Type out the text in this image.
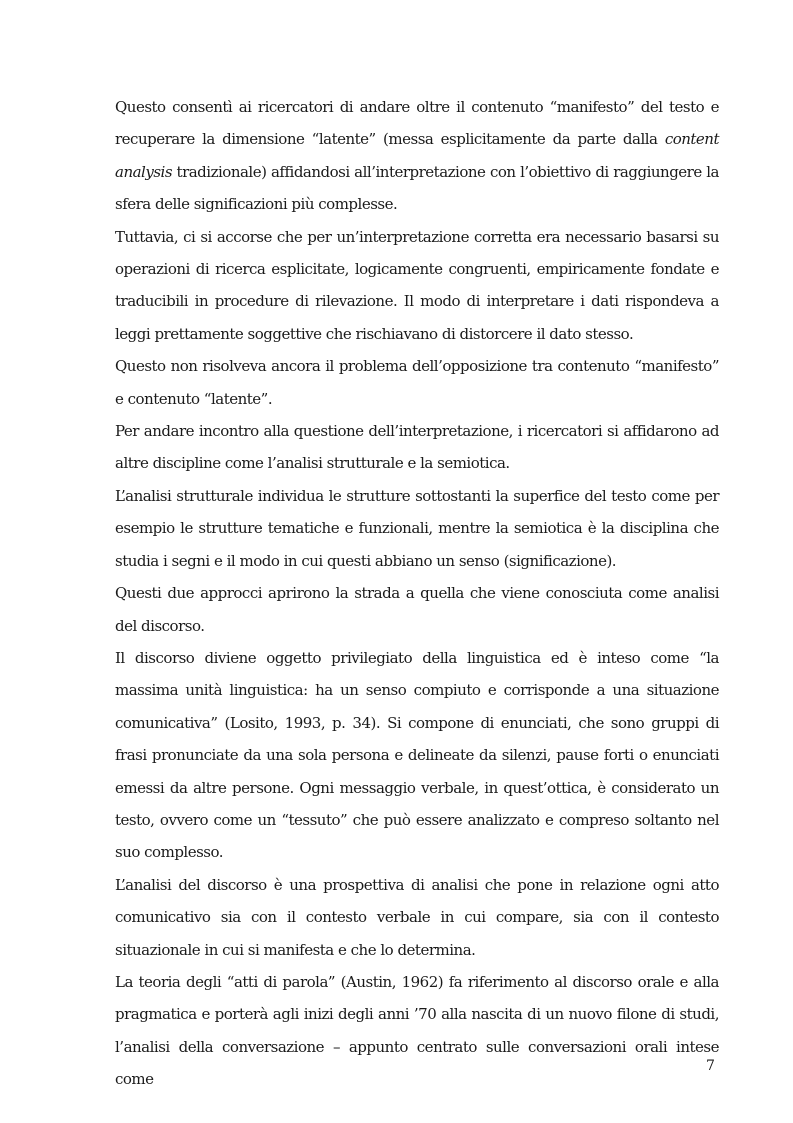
Questo consentì ai ricercatori di andare oltre il contenuto “manifesto” del testo e recuperare la dimensione “latente” (messa esplicitamente da parte dalla content analysis tradizionale) affidandosi all’interpretazione con l’obiettivo di raggiungere la sfera delle significazioni più complesse.

Tuttavia, ci si accorse che per un’interpretazione corretta era necessario basarsi su operazioni di ricerca esplicitate, logicamente congruenti, empiricamente fondate e traducibili in procedure di rilevazione. Il modo di interpretare i dati rispondeva a leggi prettamente soggettive che rischiavano di distorcere il dato stesso.

Questo non risolveva ancora il problema dell’opposizione tra contenuto “manifesto” e contenuto “latente”.

Per andare incontro alla questione dell’interpretazione, i ricercatori si affidarono ad altre discipline come l’analisi strutturale e la semiotica.

L’analisi strutturale individua le strutture sottostanti la superfice del testo come per esempio le strutture tematiche e funzionali, mentre la semiotica è la disciplina che studia i segni e il modo in cui questi abbiano un senso (significazione).

Questi due approcci aprirono la strada a quella che viene conosciuta come analisi del discorso.

Il discorso diviene oggetto privilegiato della linguistica ed è inteso come “la massima unità linguistica: ha un senso compiuto e corrisponde a una situazione comunicativa” (Losito, 1993, p. 34). Si compone di enunciati, che sono gruppi di frasi pronunciate da una sola persona e delineate da silenzi, pause forti o enunciati emessi da altre persone. Ogni messaggio verbale, in quest’ottica, è considerato un testo, ovvero come un “tessuto” che può essere analizzato e compreso soltanto nel suo complesso.

L’analisi del discorso è una prospettiva di analisi che pone in relazione ogni atto comunicativo sia con il contesto verbale in cui compare, sia con il contesto situazionale in cui si manifesta e che lo determina.

La teoria degli “atti di parola” (Austin, 1962) fa riferimento al discorso orale e alla pragmatica e porterà agli inizi degli anni ’70 alla nascita di un nuovo filone di studi, l’analisi della conversazione – appunto centrato sulle conversazioni orali intese come

7
